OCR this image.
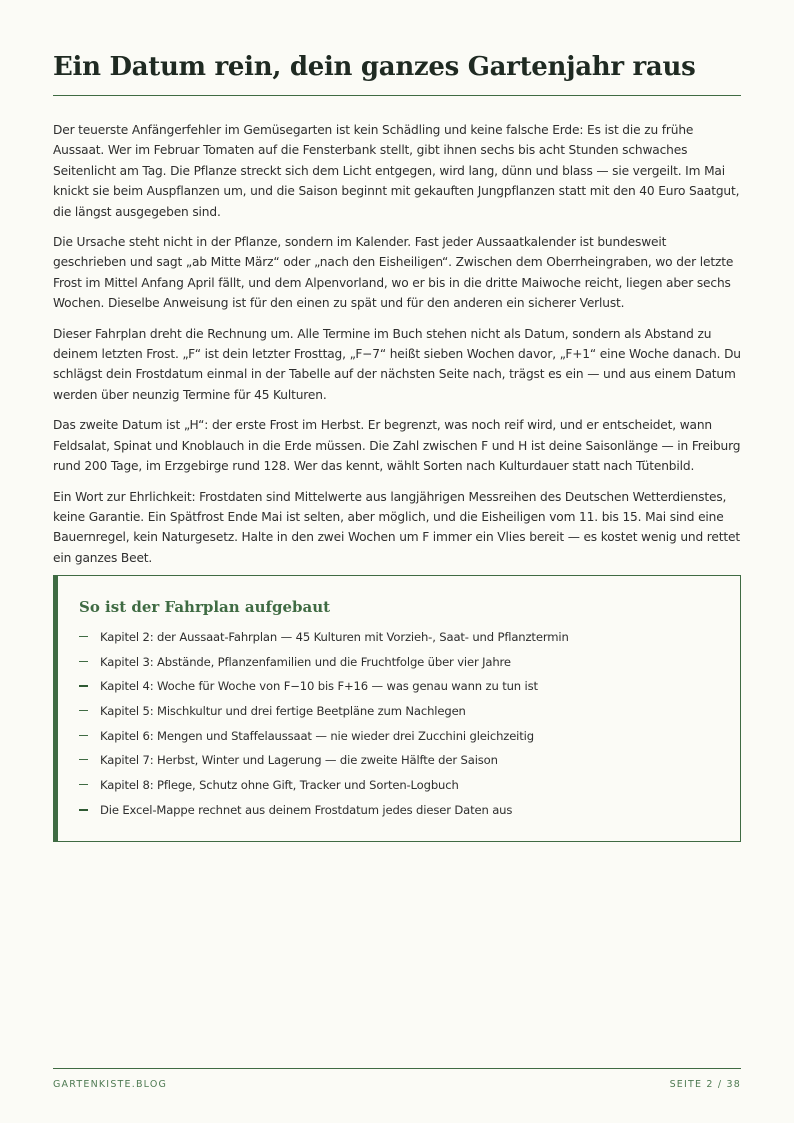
Ein Datum rein, dein ganzes Gartenjahr raus

Der teuerste Anfängerfehler im Gemüsegarten ist kein Schädling und keine falsche Erde: Es ist die zu frühe Aussaat. Wer im Februar Tomaten auf die Fensterbank stellt, gibt ihnen sechs bis acht Stunden schwaches Seitenlicht am Tag. Die Pflanze streckt sich dem Licht entgegen, wird lang, dünn und blass — sie vergeilt. Im Mai knickt sie beim Auspflanzen um, und die Saison beginnt mit gekauften Jungpflanzen statt mit den 40 Euro Saatgut, die längst ausgegeben sind.

Die Ursache steht nicht in der Pflanze, sondern im Kalender. Fast jeder Aussaatkalender ist bundesweit geschrieben und sagt „ab Mitte März“ oder „nach den Eisheiligen“. Zwischen dem Oberrheingraben, wo der letzte Frost im Mittel Anfang April fällt, und dem Alpenvorland, wo er bis in die dritte Maiwoche reicht, liegen aber sechs Wochen. Dieselbe Anweisung ist für den einen zu spät und für den anderen ein sicherer Verlust.

Dieser Fahrplan dreht die Rechnung um. Alle Termine im Buch stehen nicht als Datum, sondern als Abstand zu deinem letzten Frost. „F“ ist dein letzter Frosttag, „F−7“ heißt sieben Wochen davor, „F+1“ eine Woche danach. Du schlägst dein Frostdatum einmal in der Tabelle auf der nächsten Seite nach, trägst es ein — und aus einem Datum werden über neunzig Termine für 45 Kulturen.

Das zweite Datum ist „H“: der erste Frost im Herbst. Er begrenzt, was noch reif wird, und er entscheidet, wann Feldsalat, Spinat und Knoblauch in die Erde müssen. Die Zahl zwischen F und H ist deine Saisonlänge — in Freiburg rund 200 Tage, im Erzgebirge rund 128. Wer das kennt, wählt Sorten nach Kulturdauer statt nach Tütenbild.

Ein Wort zur Ehrlichkeit: Frostdaten sind Mittelwerte aus langjährigen Messreihen des Deutschen Wetterdienstes, keine Garantie. Ein Spätfrost Ende Mai ist selten, aber möglich, und die Eisheiligen vom 11. bis 15. Mai sind eine Bauernregel, kein Naturgesetz. Halte in den zwei Wochen um F immer ein Vlies bereit — es kostet wenig und rettet ein ganzes Beet.

So ist der Fahrplan aufgebaut
Kapitel 2: der Aussaat-Fahrplan — 45 Kulturen mit Vorzieh-, Saat- und Pflanztermin
Kapitel 3: Abstände, Pflanzenfamilien und die Fruchtfolge über vier Jahre
Kapitel 4: Woche für Woche von F−10 bis F+16 — was genau wann zu tun ist
Kapitel 5: Mischkultur und drei fertige Beetpläne zum Nachlegen
Kapitel 6: Mengen und Staffelaussaat — nie wieder drei Zucchini gleichzeitig
Kapitel 7: Herbst, Winter und Lagerung — die zweite Hälfte der Saison
Kapitel 8: Pflege, Schutz ohne Gift, Tracker und Sorten-Logbuch
Die Excel-Mappe rechnet aus deinem Frostdatum jedes dieser Daten aus
GARTENKISTE.BLOG	SEITE 2 / 38
